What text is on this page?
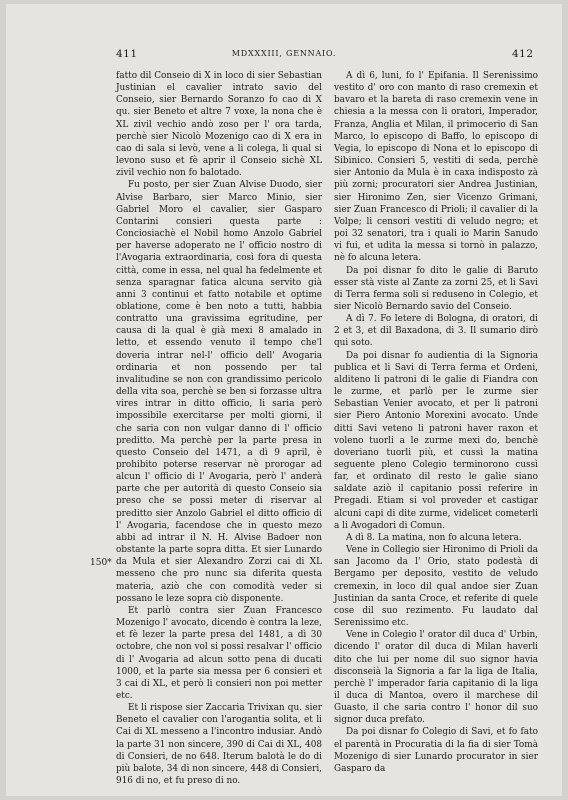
411	MDXXXIII, GENNAIO.	412

fatto dil Conseio di X in loco di sier Sebastian Justinian el cavalier intrato savio del Conseio, sier Bernardo Soranzo fo cao di X qu. sier Beneto et altre 7 voxe, la nona che è XL zivil vechio andò zoso per l' ora tarda, perchè sier Nicolò Mozenigo cao di X era in cao di sala si levò, vene a li colega, li qual si levono suso et fè aprir il Conseio sichè XL zivil vechio non fo balotado.

Fu posto, per sier Zuan Alvise Duodo, sier Alvise Barbaro, sier Marco Minio, sier Gabriel Moro el cavalier, sier Gasparo Contarini consieri questa parte : Conciosiachè el Nobil homo Anzolo Gabriel per haverse adoperato ne l' officio nostro di l'Avogaria extraordinaria, così fora di questa città, come in essa, nel qual ha fedelmente et senza sparagnar fatica alcuna servito già anni 3 continui et fatto notabile et optime oblatione, come è ben noto a tutti, habbia contratto una gravissima egritudine, per causa di la qual è già mexi 8 amalado in letto, et essendo venuto il tempo che'l doveria intrar nel-l' officio dell' Avogaria ordinaria et non possendo per tal invalitudine se non con grandissimo pericolo della vita soa, perchè se ben si forzasse ultra vires intrar in ditto officio, li saria però impossibile exercitarse per molti giorni, il che saria con non vulgar danno di l' officio preditto. Ma perchè per la parte presa in questo Conseio del 1471, a dì 9 april, è prohibito poterse reservar nè prorogar ad alcun l' officio di l' Avogaria, però l' anderà parte che per autorità di questo Conseio sia preso che se possi meter di riservar al preditto sier Anzolo Gabriel el ditto officio di l' Avogaria, facendose che in questo mezo abbi ad intrar il N. H. Alvise Badoer non obstante la parte sopra ditta. Et sier Lunardo da Mula et sier Alexandro Zorzi cai di XL messeno che pro nunc sia diferita questa materia, aziò che con comodità veder si possano le leze sopra ciò disponente.

Et parlò contra sier Zuan Francesco Mozenigo l' avocato, dicendo è contra la leze, et fè lezer la parte presa del 1481, a dì 30 octobre, che non vol si possi resalvar l' officio di l' Avogaria ad alcun sotto pena di ducati 1000, et la parte sia messa per 6 consieri et 3 cai di XL, et però li consieri non poi metter etc.

Et li rispose sier Zaccaria Trivixan qu. sier Beneto el cavalier con l'arogantia solita, et li Cai di XL messeno a l'incontro indusiar. Andò la parte 31 non sincere, 390 di Cai di XL, 408 di Consieri, de no 648. Iterum balotà le do di più balote, 34 di non sincere, 448 di Consieri, 916 di no, et fu preso di no.

150*

A dì 6, luni, fo l' Epifania. Il Serenissimo vestito d' oro con manto di raso cremexin et bavaro et la bareta di raso cremexin vene in chiesia a la messa con li oratori, Imperador, Franza, Anglia et Milan, il primocerio di San Marco, lo episcopo di Baffo, lo episcopo di Vegia, lo episcopo di Nona et lo episcopo di Sibinico. Consieri 5, vestiti di seda, perchè sier Antonio da Mula è in caxa indisposto zà più zorni; procuratori sier Andrea Justinian, sier Hironimo Zen, sier Vicenzo Grimani, sier Zuan Francesco di Prioli; il cavalier di la Volpe; li censori vestiti di veludo negro; et poi 32 senatori, tra i quali io Marin Sanudo vi fui, et udita la messa si tornò in palazzo, nè fo alcuna letera.

Da poi disnar fo dito le galie di Baruto esser stà viste al Zante za zorni 25, et li Savi di Terra ferma soli si reduseno in Colegio, et sier Nicolò Bernardo savio del Conseio.

A dì 7. Fo letere di Bologna, di oratori, di 2 et 3, et dil Baxadona, di 3. Il sumario dirò qui soto.

Da poi disnar fo audientia di la Signoria publica et li Savi di Terra ferma et Ordeni, alditeno li patroni di le galie di Fiandra con le zurme, et parlò per le zurme sier Sebastian Venier avocato, et per li patroni sier Piero Antonio Morexini avocato. Unde ditti Savi veteno li patroni haver raxon et voleno tuorli a le zurme mexi do, benchè doveriano tuorli più, et cussì la matina seguente pleno Colegio terminorono cussì far, et ordinato dil resto le galie siano saldate aziò il capitanio possi referire in Pregadi. Etiam si vol proveder et castigar alcuni capi di dite zurme, videlicet cometerli a li Avogadori di Comun.

A dì 8. La matina, non fo alcuna letera.

Vene in Collegio sier Hironimo di Prioli da san Jacomo da l' Orio, stato podestà di Bergamo per deposito, vestito de veludo cremexin, in loco dil qual andoe sier Zuan Justinian da santa Croce, et referite di quele cose dil suo rezimento. Fu laudato dal Serenissimo etc.

Vene in Colegio l' orator dil duca d' Urbin, dicendo l' orator dil duca di Milan haverli dito che lui per nome dil suo signor havia disconseià la Signoria a far la liga de Italia, perchè l' imperador faria capitanio di la liga il duca di Mantoa, overo il marchese dil Guasto, il che saria contro l' honor dil suo signor duca prefato.

Da poi disnar fo Colegio di Savi, et fo fato el parentà in Procuratia di la fia di sier Tomà Mozenigo di sier Lunardo procurator in sier Gasparo da
